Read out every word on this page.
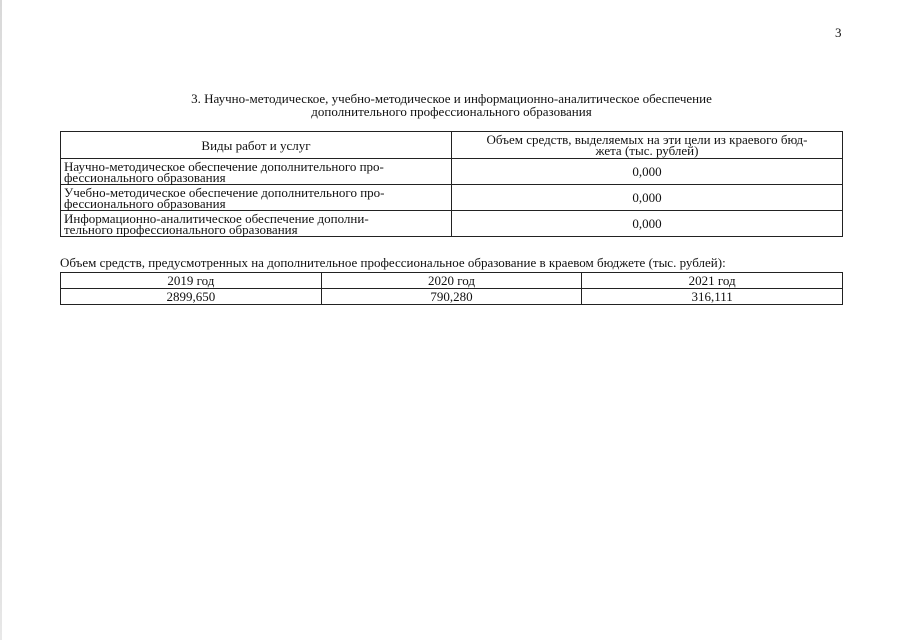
3
3. Научно-методическое, учебно-методическое и информационно-аналитическое обеспечение
дополнительного профессионального образования
Виды работ и услуг	Объем средств, выделяемых на эти цели из краевого бюд-
жета (тыс. рублей)

Научно-методическое обеспечение дополнительного про-
фессионального образования	0,000

Учебно-методическое обеспечение дополнительного про-
фессионального образования	0,000

Информационно-аналитическое обеспечение дополни-
тельного профессионального образования	0,000
Объем средств, предусмотренных на дополнительное профессиональное образование в краевом бюджете (тыс. рублей):
2019 год	2020 год	2021 год
2899,650	790,280	316,111
